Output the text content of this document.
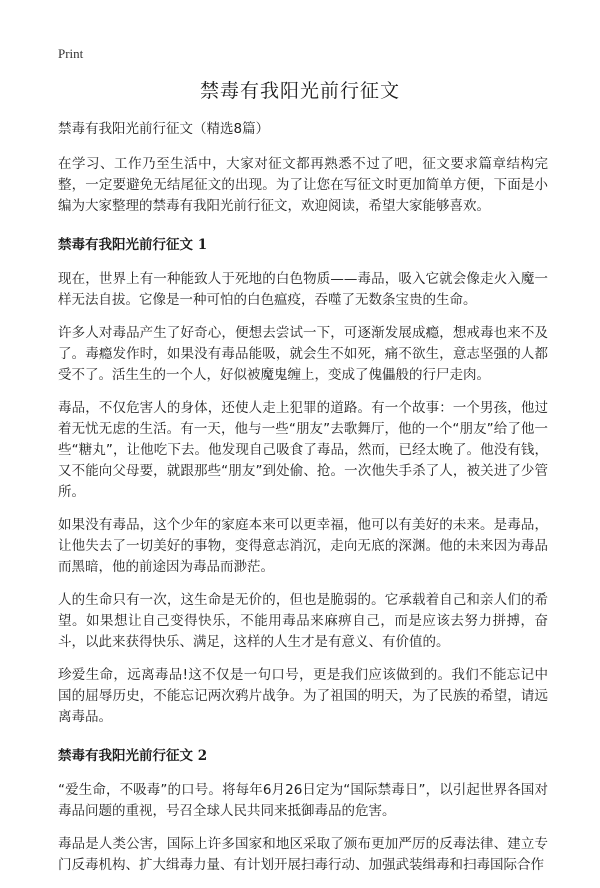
Print
禁毒有我阳光前行征文

禁毒有我阳光前行征文（精选8篇）

在学习、工作乃至生活中，大家对征文都再熟悉不过了吧，征文要求篇章结构完整，一定要避免无结尾征文的出现。为了让您在写征文时更加简单方便，下面是小编为大家整理的禁毒有我阳光前行征文，欢迎阅读，希望大家能够喜欢。

禁毒有我阳光前行征文 1

现在，世界上有一种能致人于死地的白色物质——毒品，吸入它就会像走火入魔一样无法自拔。它像是一种可怕的白色瘟疫，吞噬了无数条宝贵的生命。

许多人对毒品产生了好奇心，便想去尝试一下，可逐渐发展成瘾，想戒毒也来不及了。毒瘾发作时，如果没有毒品能吸，就会生不如死，痛不欲生，意志坚强的人都受不了。活生生的一个人，好似被魔鬼缠上，变成了傀儡般的行尸走肉。

毒品，不仅危害人的身体，还使人走上犯罪的道路。有一个故事：一个男孩，他过着无忧无虑的生活。有一天，他与一些“朋友”去歌舞厅，他的一个“朋友”给了他一些“糖丸”，让他吃下去。他发现自己吸食了毒品，然而，已经太晚了。他没有钱，又不能向父母要，就跟那些“朋友”到处偷、抢。一次他失手杀了人，被关进了少管所。

如果没有毒品，这个少年的家庭本来可以更幸福，他可以有美好的未来。是毒品，让他失去了一切美好的事物，变得意志消沉，走向无底的深渊。他的未来因为毒品而黑暗，他的前途因为毒品而渺茫。

人的生命只有一次，这生命是无价的，但也是脆弱的。它承载着自己和亲人们的希望。如果想让自己变得快乐，不能用毒品来麻痹自己，而是应该去努力拼搏，奋斗，以此来获得快乐、满足，这样的人生才是有意义、有价值的。

珍爱生命，远离毒品!这不仅是一句口号，更是我们应该做到的。我们不能忘记中国的屈辱历史，不能忘记两次鸦片战争。为了祖国的明天，为了民族的希望，请远离毒品。

禁毒有我阳光前行征文 2

“爱生命，不吸毒”的口号。将每年6月26日定为“国际禁毒日”，以引起世界各国对毒品问题的重视，号召全球人民共同来抵御毒品的危害。

毒品是人类公害，国际上许多国家和地区采取了颁布更加严厉的反毒法律、建立专门反毒机构、扩大缉毒力量、有计划开展扫毒行动、加强武装缉毒和扫毒国际合作
